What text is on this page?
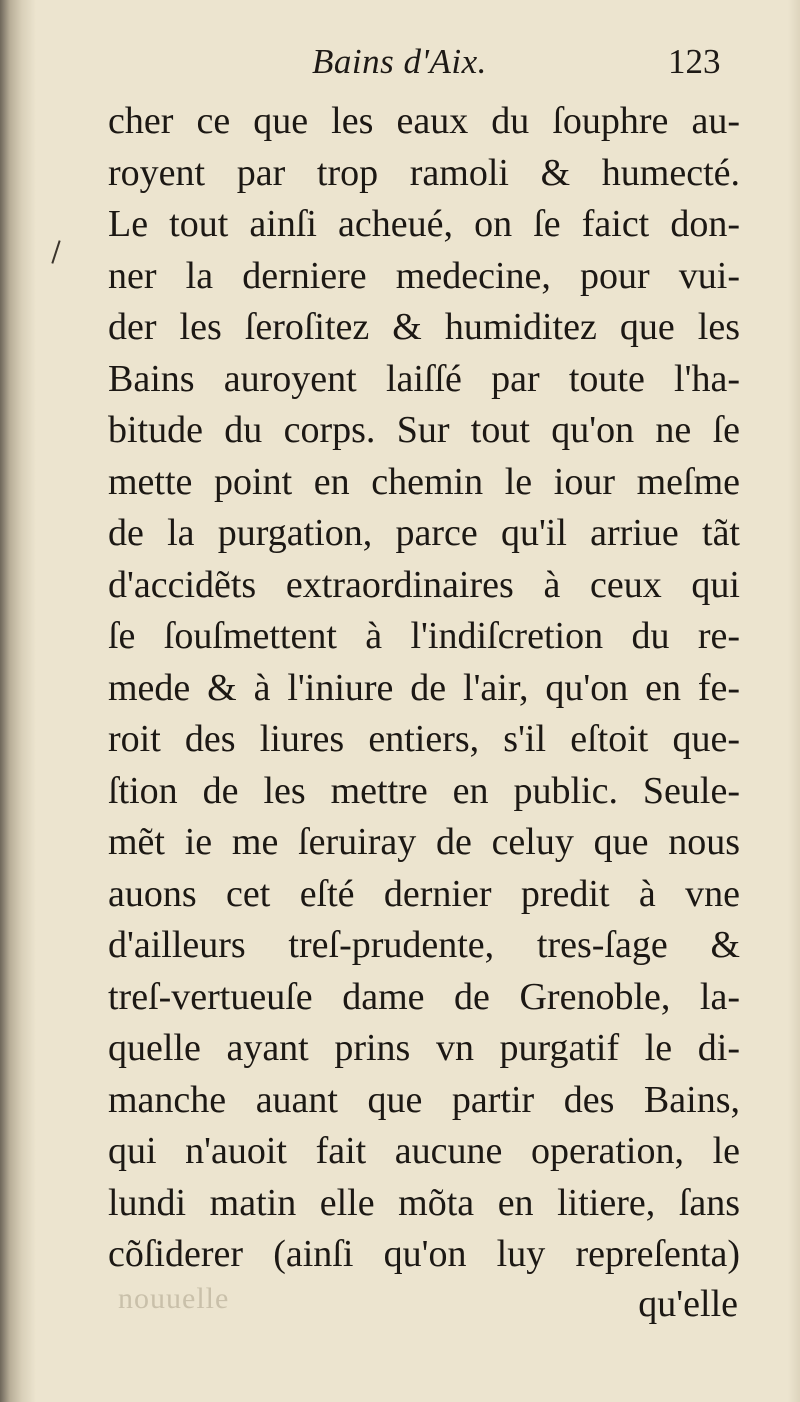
Bains d'Aix.	123
cher ce que les eaux du ſouphre au-
royent par trop ramoli & humecté.
Le tout ainſi acheué, on ſe faict don-
ner la derniere medecine, pour vui-
der les ſeroſitez & humiditez que les
Bains auroyent laiſſé par toute l'ha-
bitude du corps. Sur tout qu'on ne ſe
mette point en chemin le iour meſme
de la purgation, parce qu'il arriue tãt
d'accidẽts extraordinaires à ceux qui
ſe ſouſmettent à l'indiſcretion du re-
mede & à l'iniure de l'air, qu'on en fe-
roit des liures entiers, s'il eſtoit que-
ſtion de les mettre en public. Seule-
mẽt ie me ſeruiray de celuy que nous
auons cet eſté dernier predit à vne
d'ailleurs treſ-prudente, tres-ſage &
treſ-vertueuſe dame de Grenoble, la-
quelle ayant prins vn purgatif le di-
manche auant que partir des Bains,
qui n'auoit fait aucune operation, le
lundi matin elle mõta en litiere, ſans
cõſiderer (ainſi qu'on luy repreſenta)
nouuelle	qu'elle
